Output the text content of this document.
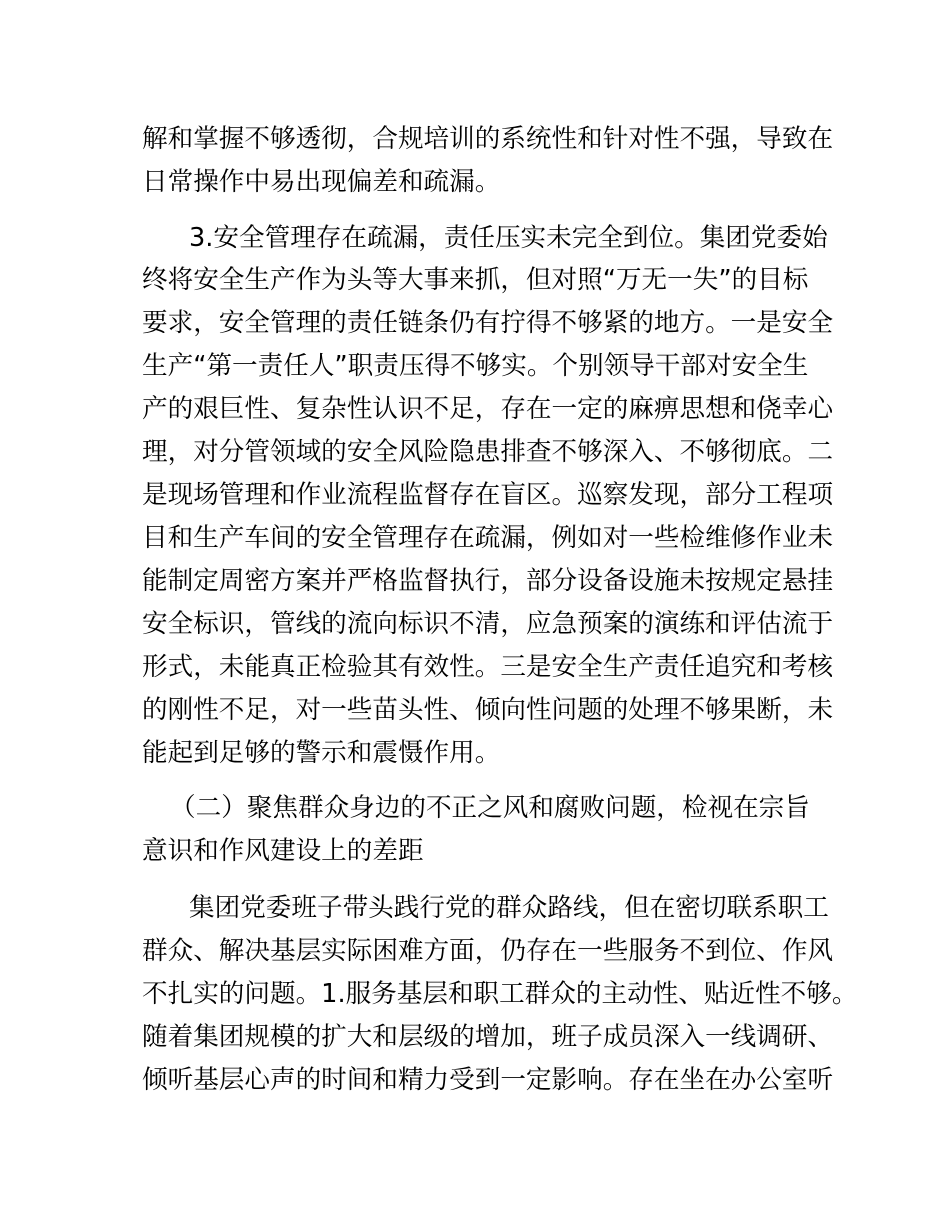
解和掌握不够透彻，合规培训的系统性和针对性不强，导致在
日常操作中易出现偏差和疏漏。
3.安全管理存在疏漏，责任压实未完全到位。集团党委始
终将安全生产作为头等大事来抓，但对照“万无一失”的目标
要求，安全管理的责任链条仍有拧得不够紧的地方。一是安全
生产“第一责任人”职责压得不够实。个别领导干部对安全生
产的艰巨性、复杂性认识不足，存在一定的麻痹思想和侥幸心
理，对分管领域的安全风险隐患排查不够深入、不够彻底。二
是现场管理和作业流程监督存在盲区。巡察发现，部分工程项
目和生产车间的安全管理存在疏漏，例如对一些检维修作业未
能制定周密方案并严格监督执行，部分设备设施未按规定悬挂
安全标识，管线的流向标识不清，应急预案的演练和评估流于
形式，未能真正检验其有效性。三是安全生产责任追究和考核
的刚性不足，对一些苗头性、倾向性问题的处理不够果断，未
能起到足够的警示和震慑作用。
（二）聚焦群众身边的不正之风和腐败问题，检视在宗旨
意识和作风建设上的差距
集团党委班子带头践行党的群众路线，但在密切联系职工
群众、解决基层实际困难方面，仍存在一些服务不到位、作风
不扎实的问题。1.服务基层和职工群众的主动性、贴近性不够。
随着集团规模的扩大和层级的增加，班子成员深入一线调研、
倾听基层心声的时间和精力受到一定影响。存在坐在办公室听
